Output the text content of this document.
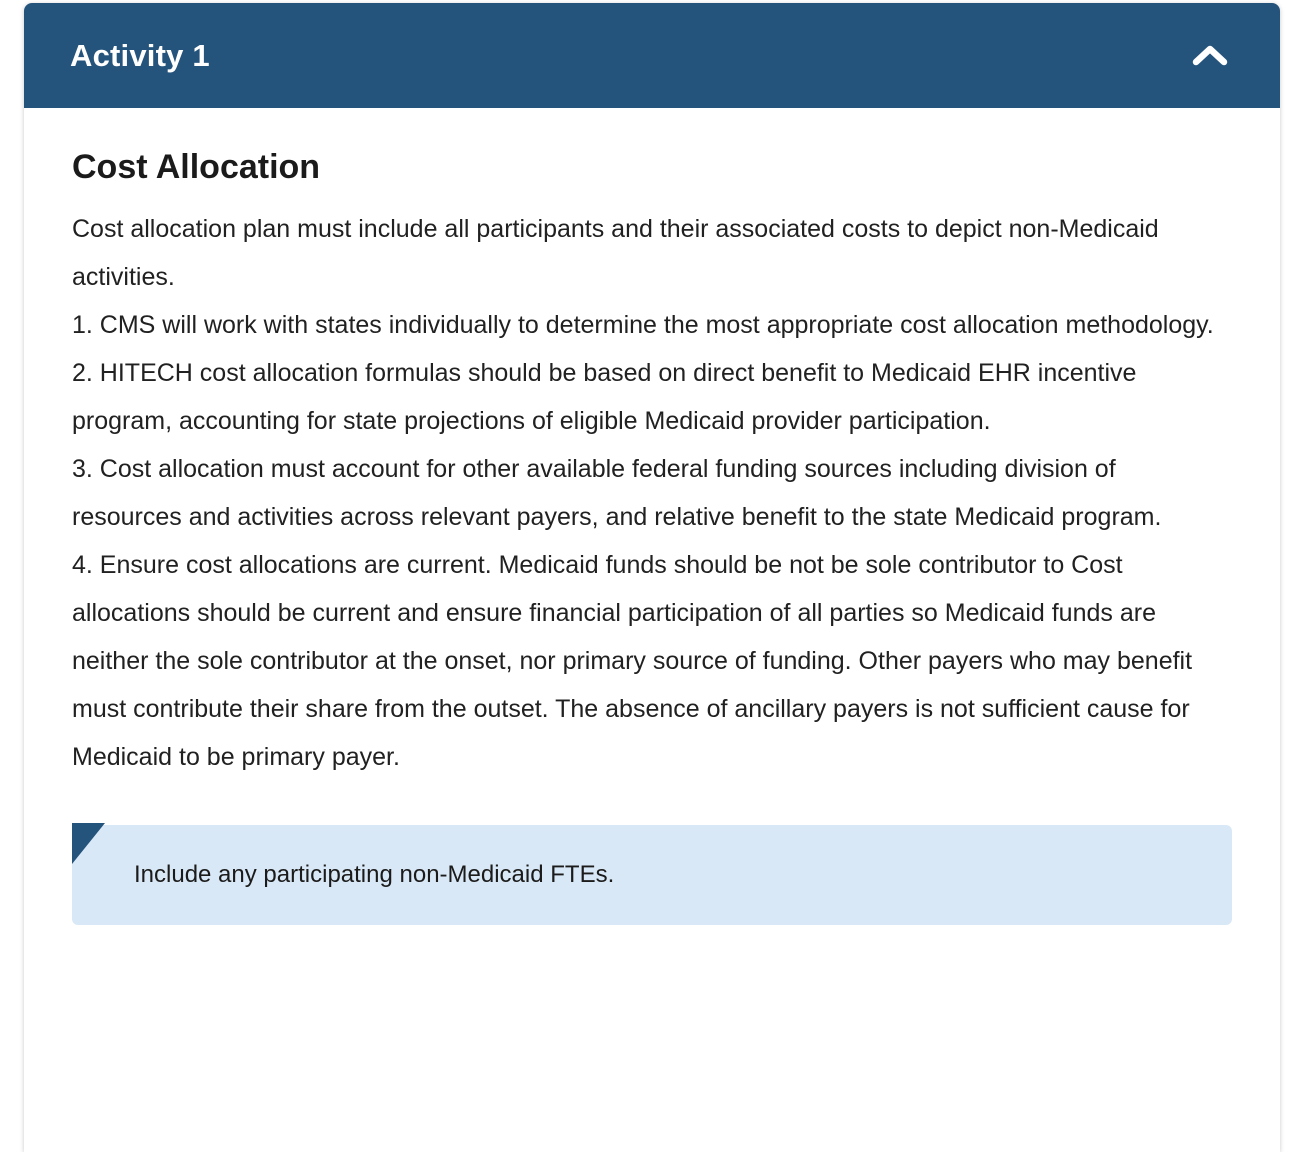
Activity 1
Cost Allocation

Cost allocation plan must include all participants and their associated costs to depict non-Medicaid activities.

1. CMS will work with states individually to determine the most appropriate cost allocation methodology.

2. HITECH cost allocation formulas should be based on direct benefit to Medicaid EHR incentive program, accounting for state projections of eligible Medicaid provider participation.

3. Cost allocation must account for other available federal funding sources including division of resources and activities across relevant payers, and relative benefit to the state Medicaid program.

4. Ensure cost allocations are current. Medicaid funds should be not be sole contributor to Cost allocations should be current and ensure financial participation of all parties so Medicaid funds are neither the sole contributor at the onset, nor primary source of funding. Other payers who may benefit must contribute their share from the outset. The absence of ancillary payers is not sufficient cause for Medicaid to be primary payer.

Include any participating non-Medicaid FTEs.
